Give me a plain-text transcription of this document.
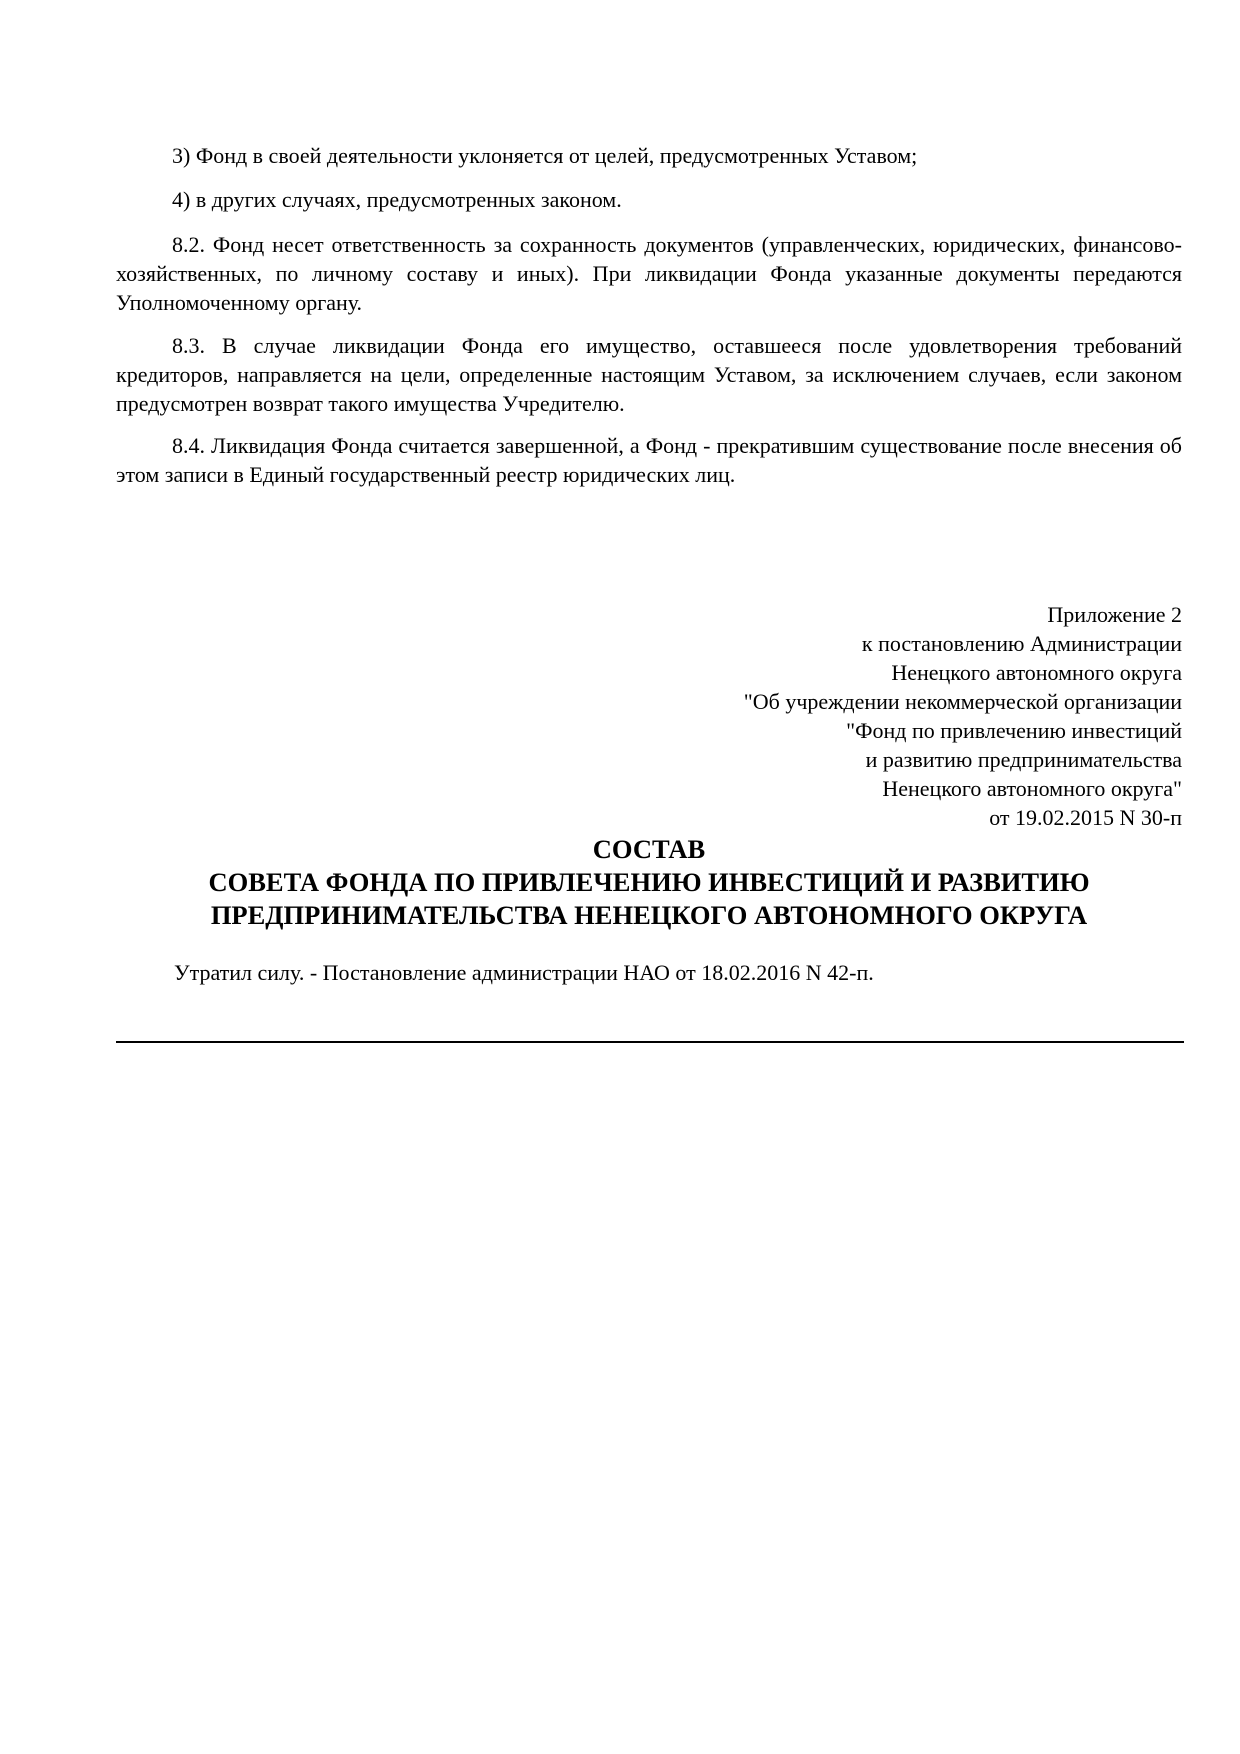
3) Фонд в своей деятельности уклоняется от целей, предусмотренных Уставом;

4) в других случаях, предусмотренных законом.

8.2. Фонд несет ответственность за сохранность документов (управленческих, юридических, финансово-хозяйственных, по личному составу и иных). При ликвидации Фонда указанные документы передаются Уполномоченному органу.

8.3. В случае ликвидации Фонда его имущество, оставшееся после удовлетворения требований кредиторов, направляется на цели, определенные настоящим Уставом, за исключением случаев, если законом предусмотрен возврат такого имущества Учредителю.

8.4. Ликвидация Фонда считается завершенной, а Фонд - прекратившим существование после внесения об этом записи в Единый государственный реестр юридических лиц.

Приложение 2
к постановлению Администрации
Ненецкого автономного округа
"Об учреждении некоммерческой организации
"Фонд по привлечению инвестиций
и развитию предпринимательства
Ненецкого автономного округа"
от 19.02.2015 N 30-п
СОСТАВ
СОВЕТА ФОНДА ПО ПРИВЛЕЧЕНИЮ ИНВЕСТИЦИЙ И РАЗВИТИЮ
ПРЕДПРИНИМАТЕЛЬСТВА НЕНЕЦКОГО АВТОНОМНОГО ОКРУГА
Утратил силу. - Постановление администрации НАО от 18.02.2016 N 42-п.
